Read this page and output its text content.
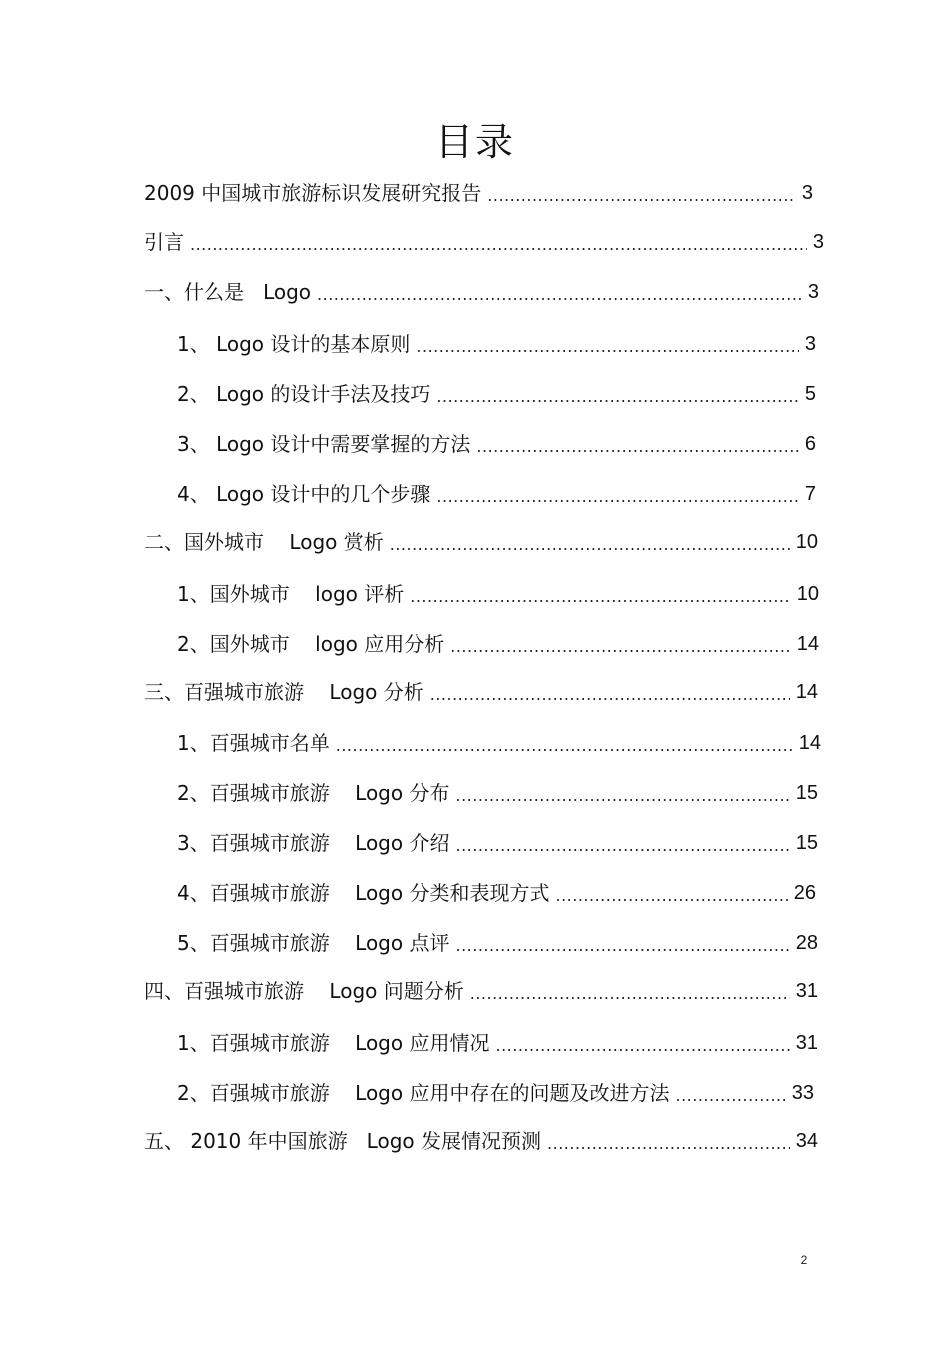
目录
2009 中国城市旅游标识发展研究报告 .....	3
引言 .....	3
一、什么是   Logo .....	3
1、 Logo 设计的基本原则 .....	3
2、 Logo 的设计手法及技巧 .....	5
3、 Logo 设计中需要掌握的方法 .....	6
4、 Logo 设计中的几个步骤 .....	7
二、国外城市    Logo 赏析 .....	10
1、国外城市    logo 评析 .....	10
2、国外城市    logo 应用分析 .....	14
三、百强城市旅游    Logo 分析 .....	14
1、百强城市名单 .....	14
2、百强城市旅游    Logo 分布 .....	15
3、百强城市旅游    Logo 介绍 .....	15
4、百强城市旅游    Logo 分类和表现方式 .....	26
5、百强城市旅游    Logo 点评 .....	28
四、百强城市旅游    Logo 问题分析 .....	31
1、百强城市旅游    Logo 应用情况 .....	31
2、百强城市旅游    Logo 应用中存在的问题及改进方法 .....	33
五、 2010 年中国旅游   Logo 发展情况预测 .....	34
2
